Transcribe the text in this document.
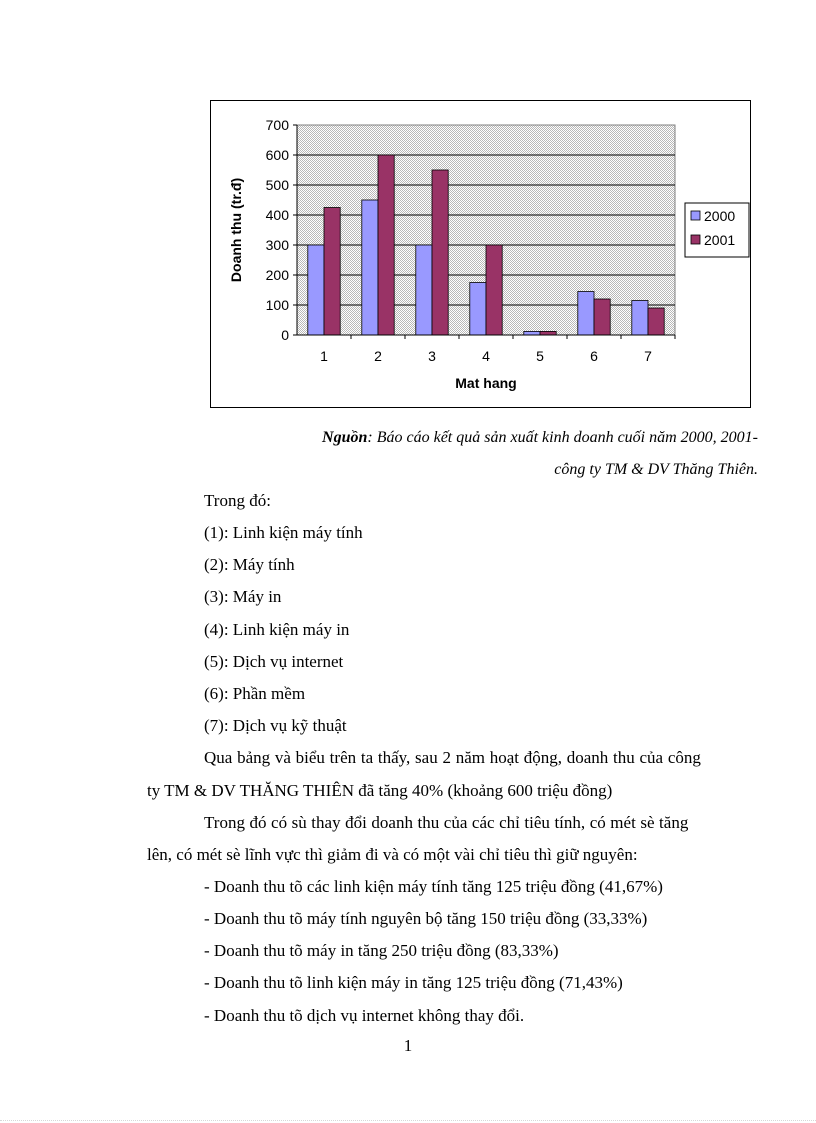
0
100
200
300
400
500
600
700
1	2	3	4	5	6	7
Doanh thu (tr.đ)
Mat hang
2000
2001
Nguồn: Báo cáo kết quả sản xuất kinh doanh cuối năm 2000, 2001-
công ty TM & DV Thăng Thiên.
Trong đó:
(1): Linh kiện máy tính
(2): Máy tính
(3): Máy in
(4): Linh kiện máy in
(5): Dịch vụ internet
(6): Phần mềm
(7): Dịch vụ kỹ thuật
Qua bảng và biểu trên ta thấy, sau 2 năm hoạt động, doanh thu của công
ty TM & DV THĂNG THIÊN đã tăng 40% (khoảng 600 triệu đồng)
Trong đó có sù thay đổi doanh thu của các chỉ tiêu tính, có mét sè tăng
lên, có mét sè lĩnh vực thì giảm đi và có một vài chỉ tiêu thì giữ nguyên:
- Doanh thu tõ các linh kiện máy tính tăng 125 triệu đồng (41,67%)
- Doanh thu tõ máy tính nguyên bộ tăng 150 triệu đồng (33,33%)
- Doanh thu tõ máy in tăng 250 triệu đồng (83,33%)
- Doanh thu tõ linh kiện máy in tăng 125 triệu đồng (71,43%)
- Doanh thu tõ dịch vụ internet không thay đổi.
1
